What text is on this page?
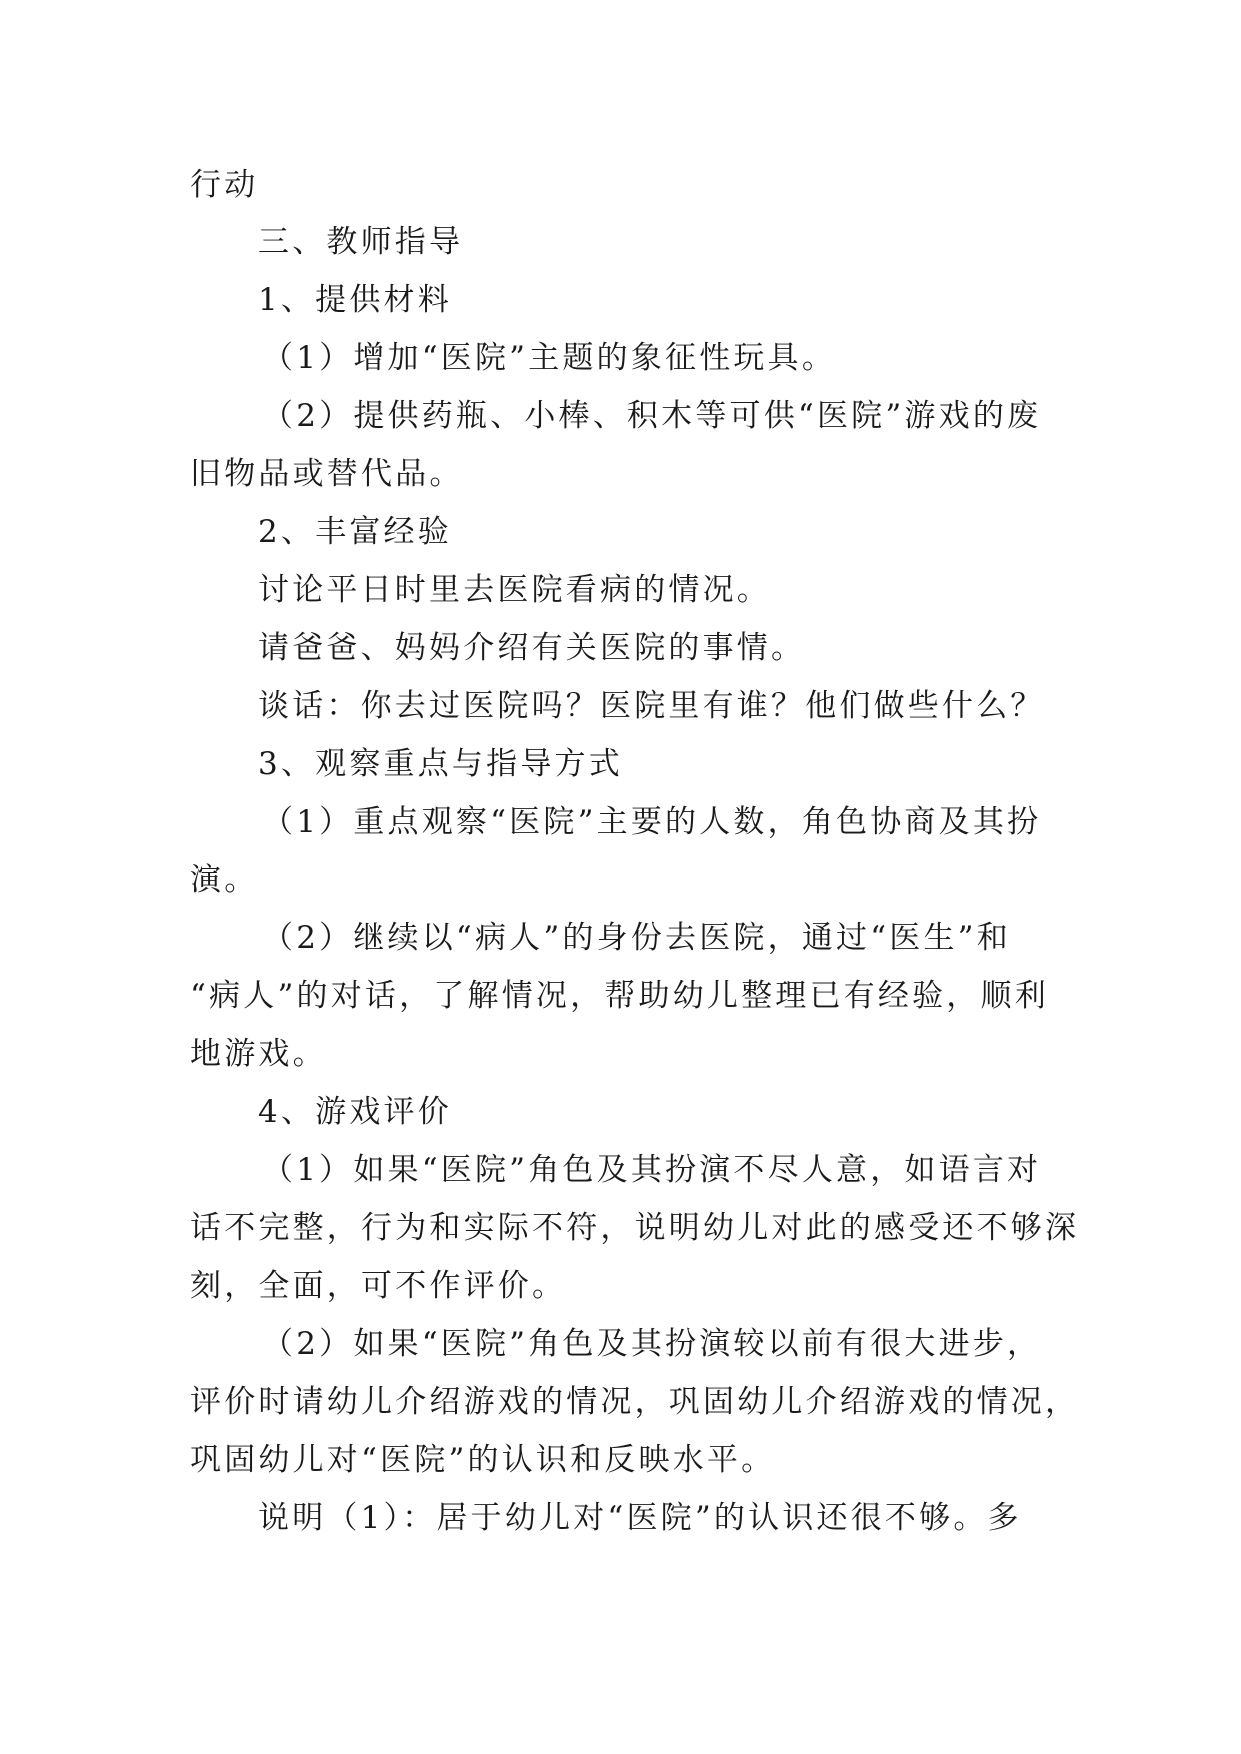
行动
三、教师指导
1、提供材料
（1）增加“医院”主题的象征性玩具。
（2）提供药瓶、小棒、积木等可供“医院”游戏的废
旧物品或替代品。
2、丰富经验
讨论平日时里去医院看病的情况。
请爸爸、妈妈介绍有关医院的事情。
谈话：你去过医院吗？医院里有谁？他们做些什么？
3、观察重点与指导方式
（1）重点观察“医院”主要的人数，角色协商及其扮
演。
（2）继续以“病人”的身份去医院，通过“医生”和
“病人”的对话，了解情况，帮助幼儿整理已有经验，顺利
地游戏。
4、游戏评价
（1）如果“医院”角色及其扮演不尽人意，如语言对
话不完整，行为和实际不符，说明幼儿对此的感受还不够深
刻，全面，可不作评价。
（2）如果“医院”角色及其扮演较以前有很大进步，
评价时请幼儿介绍游戏的情况，巩固幼儿介绍游戏的情况，
巩固幼儿对“医院”的认识和反映水平。
说明（1）：居于幼儿对“医院”的认识还很不够。多
